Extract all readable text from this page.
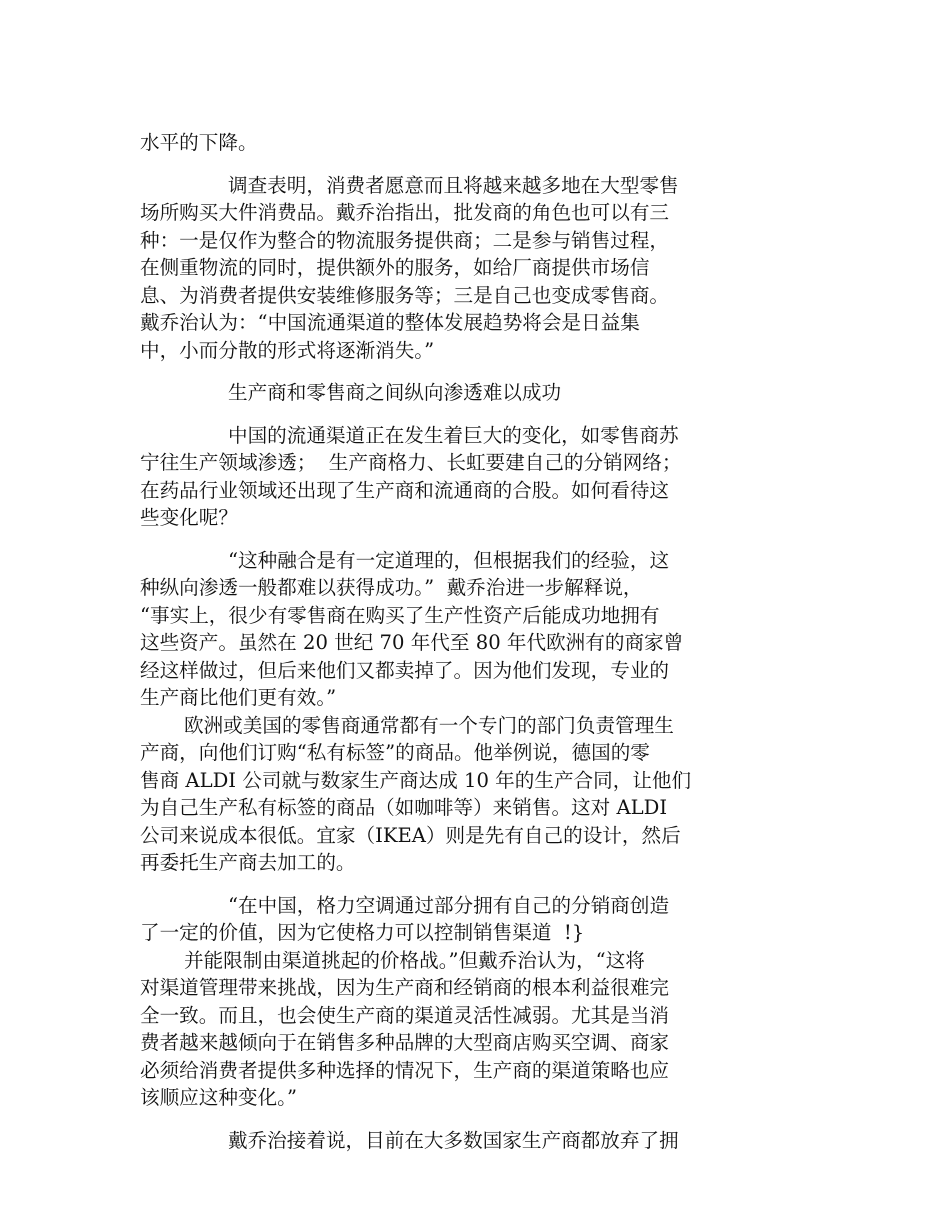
水平的下降。
调查表明，消费者愿意而且将越来越多地在大型零售
场所购买大件消费品。戴乔治指出，批发商的角色也可以有三
种：一是仅作为整合的物流服务提供商；二是参与销售过程，
在侧重物流的同时，提供额外的服务，如给厂商提供市场信
息、为消费者提供安装维修服务等；三是自己也变成零售商。
戴乔治认为：“中国流通渠道的整体发展趋势将会是日益集
中，小而分散的形式将逐渐消失。”
生产商和零售商之间纵向渗透难以成功
中国的流通渠道正在发生着巨大的变化，如零售商苏
宁往生产领域渗透；  生产商格力、长虹要建自己的分销网络；
在药品行业领域还出现了生产商和流通商的合股。如何看待这
些变化呢？
“这种融合是有一定道理的，但根据我们的经验，这
种纵向渗透一般都难以获得成功。”  戴乔治进一步解释说，
“事实上，很少有零售商在购买了生产性资产后能成功地拥有
这些资产。虽然在 20 世纪 70 年代至 80 年代欧洲有的商家曾
经这样做过，但后来他们又都卖掉了。因为他们发现，专业的
生产商比他们更有效。”
欧洲或美国的零售商通常都有一个专门的部门负责管理生
产商，向他们订购“私有标签”的商品。他举例说，德国的零
售商 ALDI 公司就与数家生产商达成 10 年的生产合同，让他们
为自己生产私有标签的商品（如咖啡等）来销售。这对 ALDI
公司来说成本很低。宜家（IKEA）则是先有自己的设计，然后
再委托生产商去加工的。
“在中国，格力空调通过部分拥有自己的分销商创造
了一定的价值，因为它使格力可以控制销售渠道  !}
并能限制由渠道挑起的价格战。”但戴乔治认为，“这将
对渠道管理带来挑战，因为生产商和经销商的根本利益很难完
全一致。而且，也会使生产商的渠道灵活性减弱。尤其是当消
费者越来越倾向于在销售多种品牌的大型商店购买空调、商家
必须给消费者提供多种选择的情况下，生产商的渠道策略也应
该顺应这种变化。”
戴乔治接着说，目前在大多数国家生产商都放弃了拥
